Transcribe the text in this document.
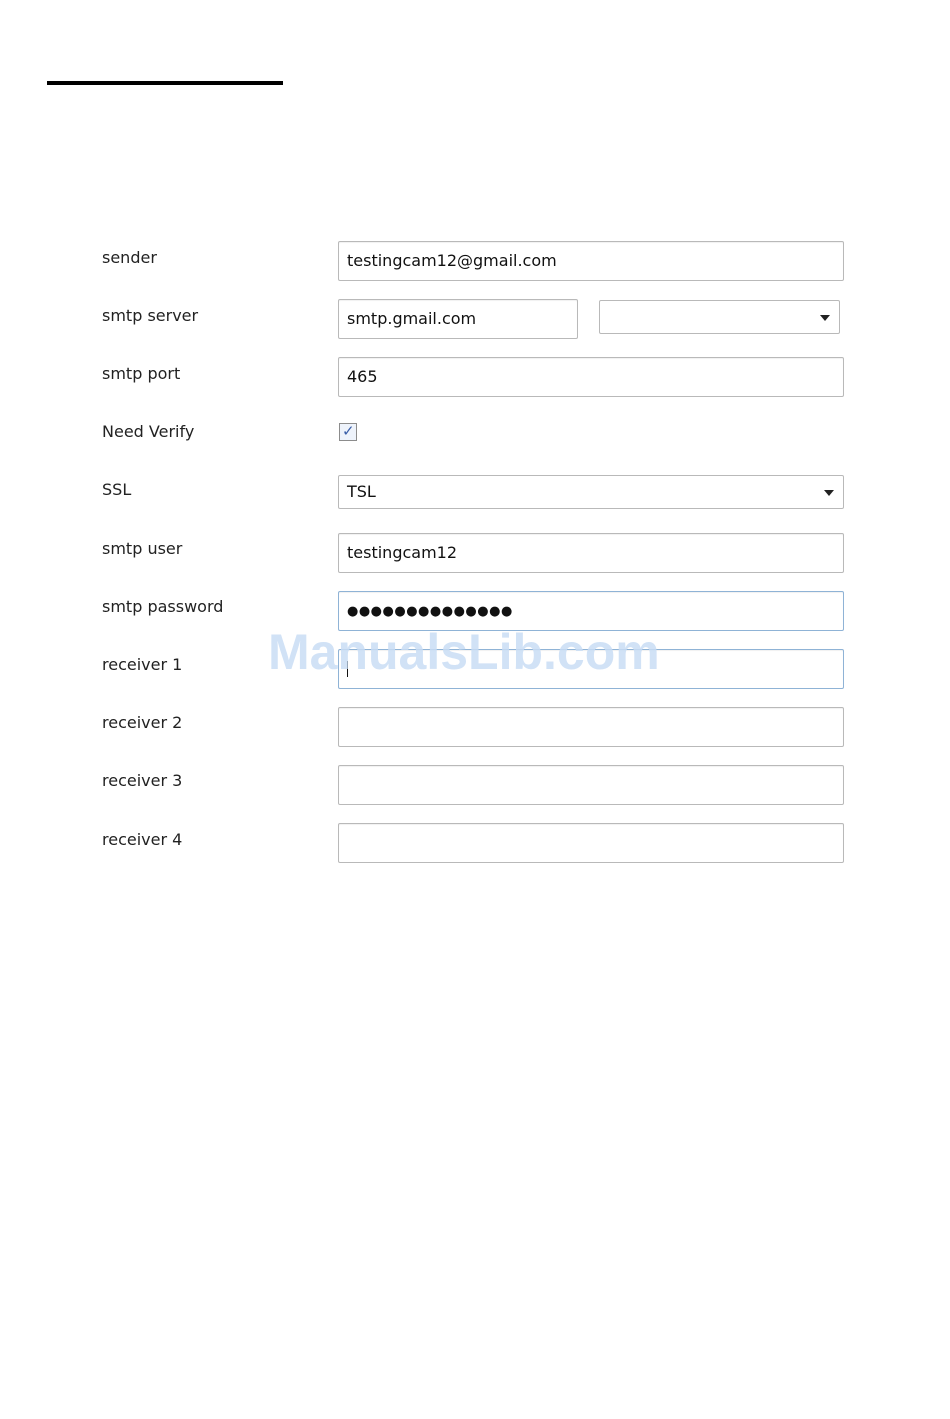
sender	testingcam12@gmail.com
smtp server	smtp.gmail.com
smtp port	465
Need Verify	✓
SSL	TSL
smtp user	testingcam12
smtp password	●●●●●●●●●●●●●●
receiver 1
receiver 2
receiver 3
receiver 4
ManualsLib.com
